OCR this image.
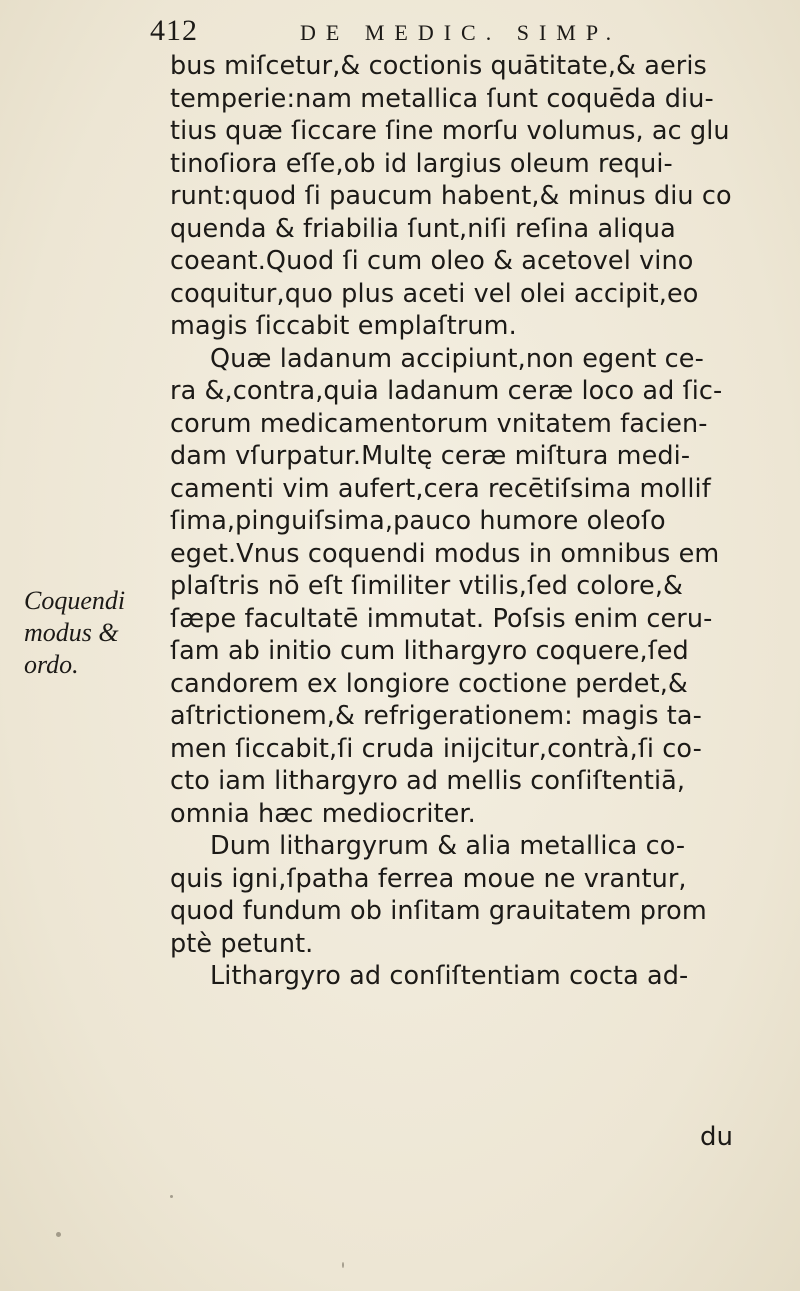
412	DE MEDIC. SIMP.
Coquendi
modus &
ordo.
bus miſcetur,& coctionis quātitate,& aeris
temperie:nam metallica ſunt coquēda diu-
tius quæ ſiccare ſine morſu volumus, ac glu
tinoſiora eſſe,ob id largius oleum requi-
runt:quod ſi paucum habent,& minus diu co
quenda & friabilia ſunt,niſi reſina aliqua
coeant.Quod ſi cum oleo & acetovel vino
coquitur,quo plus aceti vel olei accipit,eo
magis ſiccabit emplaſtrum.
Quæ ladanum accipiunt,non egent ce-
ra &,contra,quia ladanum ceræ loco ad ſic-
corum medicamentorum vnitatem facien-
dam vſurpatur.Multę ceræ miſtura medi-
camenti vim aufert,cera recētiſsima mollif
ſima,pinguiſsima,pauco humore oleoſo
eget.Vnus coquendi modus in omnibus em
plaſtris nō eſt ſimiliter vtilis,ſed colore,&
ſæpe facultatē immutat. Poſsis enim ceru-
ſam ab initio cum lithargyro coquere,ſed
candorem ex longiore coctione perdet,&
aſtrictionem,& refrigerationem: magis ta-
men ſiccabit,ſi cruda inijcitur,contrà,ſi co-
cto iam lithargyro ad mellis conſiſtentiā,
omnia hæc mediocriter.
Dum lithargyrum & alia metallica co-
quis igni,ſpatha ferrea moue ne vrantur,
quod fundum ob inſitam grauitatem prom
ptè petunt.
Lithargyro ad conſiſtentiam cocta ad-
du
